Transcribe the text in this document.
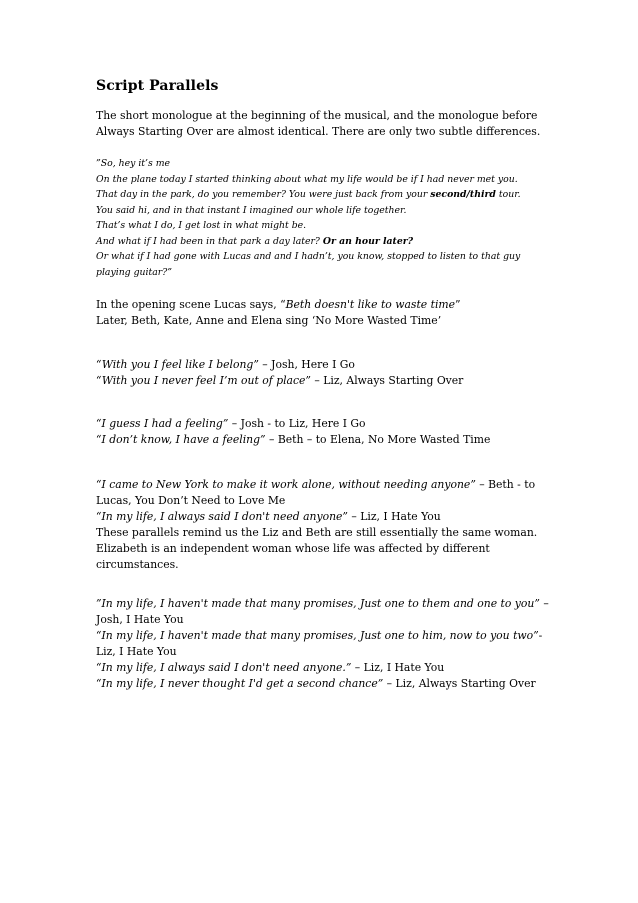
Script Parallels
The short monologue at the beginning of the musical, and the monologue before
Always Starting Over are almost identical. There are only two subtle differences.
”So, hey it’s me
On the plane today I started thinking about what my life would be if I had never met you.
That day in the park, do you remember? You were just back from your second/third tour.
You said hi, and in that instant I imagined our whole life together.
That’s what I do, I get lost in what might be.
And what if I had been in that park a day later? Or an hour later?
Or what if I had gone with Lucas and and I hadn’t, you know, stopped to listen to that guy
playing guitar?”
In the opening scene Lucas says, “Beth doesn't like to waste time”
Later, Beth, Kate, Anne and Elena sing ‘No More Wasted Time’
“With you I feel like I belong” – Josh, Here I Go
“With you I never feel I’m out of place” – Liz, Always Starting Over
“I guess I had a feeling” – Josh - to Liz, Here I Go
“I don’t know, I have a feeling” – Beth – to Elena, No More Wasted Time
“I came to New York to make it work alone, without needing anyone” – Beth - to
Lucas, You Don’t Need to Love Me
“In my life, I always said I don't need anyone” – Liz, I Hate You
These parallels remind us the Liz and Beth are still essentially the same woman.
Elizabeth is an independent woman whose life was affected by different
circumstances.
”In my life, I haven't made that many promises, Just one to them and one to you” –
Josh, I Hate You
“In my life, I haven't made that many promises, Just one to him, now to you two”-
Liz, I Hate You
“In my life, I always said I don't need anyone.” – Liz, I Hate You
“In my life, I never thought I'd get a second chance” – Liz, Always Starting Over
